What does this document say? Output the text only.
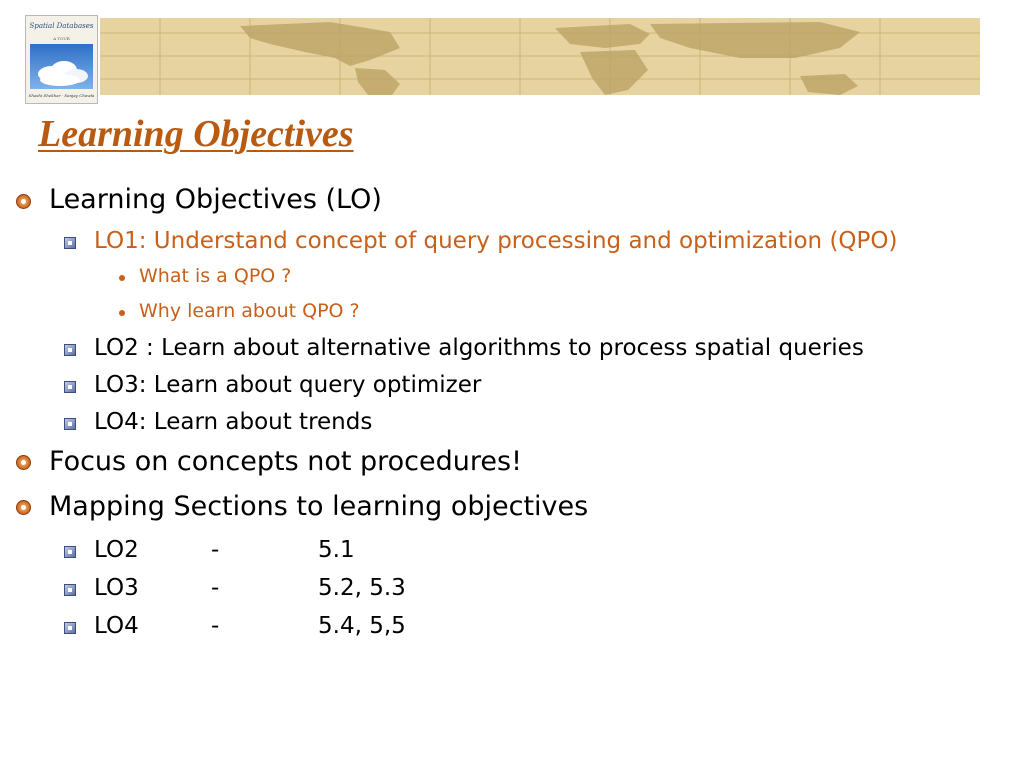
Spatial Databases
A TOUR
Shashi Shekhar · Sanjay Chawla
Learning Objectives
Learning Objectives (LO)
LO1: Understand concept of query processing and optimization (QPO)
What is a QPO ?
Why learn about QPO ?
LO2 : Learn about alternative algorithms to process spatial queries
LO3: Learn about query optimizer
LO4: Learn about trends
Focus on concepts not procedures!
Mapping Sections to learning objectives
LO2	-	5.1
LO3	-	5.2, 5.3
LO4	-	5.4, 5,5
